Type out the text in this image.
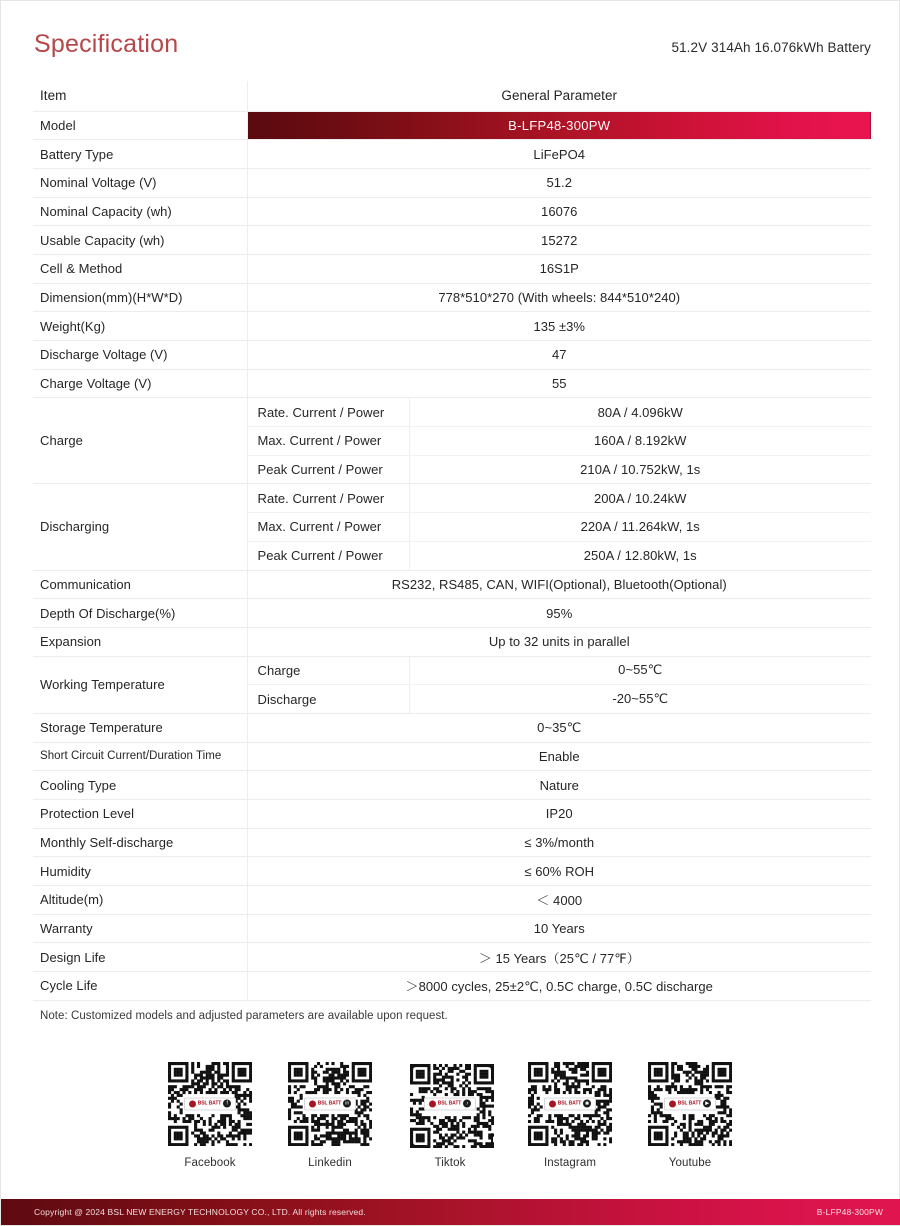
Specification	51.2V 314Ah 16.076kWh Battery
Item	General Parameter	
Model	B-LFP48-300PW	
Battery Type	LiFePO4	
Nominal Voltage (V)	51.2	
Nominal Capacity (wh)	16076	
Usable Capacity (wh)	15272	
Cell & Method	16S1P	
Dimension(mm)(H*W*D)	778*510*270 (With wheels: 844*510*240)	
Weight(Kg)	135 ±3%	
Discharge Voltage (V)	47	
Charge Voltage (V)	55	
Charge	Rate. Current / Power	80A / 4.096kW
	Max. Current / Power	160A / 8.192kW
	Peak Current / Power	210A / 10.752kW, 1s
Discharging	Rate. Current / Power	200A / 10.24kW
	Max. Current / Power	220A / 11.264kW, 1s
	Peak Current / Power	250A / 12.80kW, 1s
Communication	RS232, RS485, CAN, WIFI(Optional), Bluetooth(Optional)	
Depth Of Discharge(%)	95%	
Expansion	Up to 32 units in parallel	
Working Temperature	Charge	0~55℃
	Discharge	-20~55℃
Storage Temperature	0~35℃	
Short Circuit Current/Duration Time	Enable	
Cooling Type	Nature	
Protection Level	IP20	
Monthly Self-discharge	≤ 3%/month	
Humidity	≤ 60% ROH	
Altitude(m)	＜ 4000	
Warranty	10 Years	
Design Life	＞ 15 Years（25℃ / 77℉）	
Cycle Life	＞8000 cycles, 25±2℃, 0.5C charge, 0.5C discharge	
Note: Customized models and adjusted parameters are available upon request.
BSL BATT	f
Facebook
BSL BATT in
Linkedin
BSL BATT ♪
Tiktok
BSL BATT ◉
Instagram
BSL BATT ▶
Youtube
Copyright @ 2024 BSL NEW ENERGY TECHNOLOGY CO., LTD. All rights reserved.	B-LFP48-300PW
